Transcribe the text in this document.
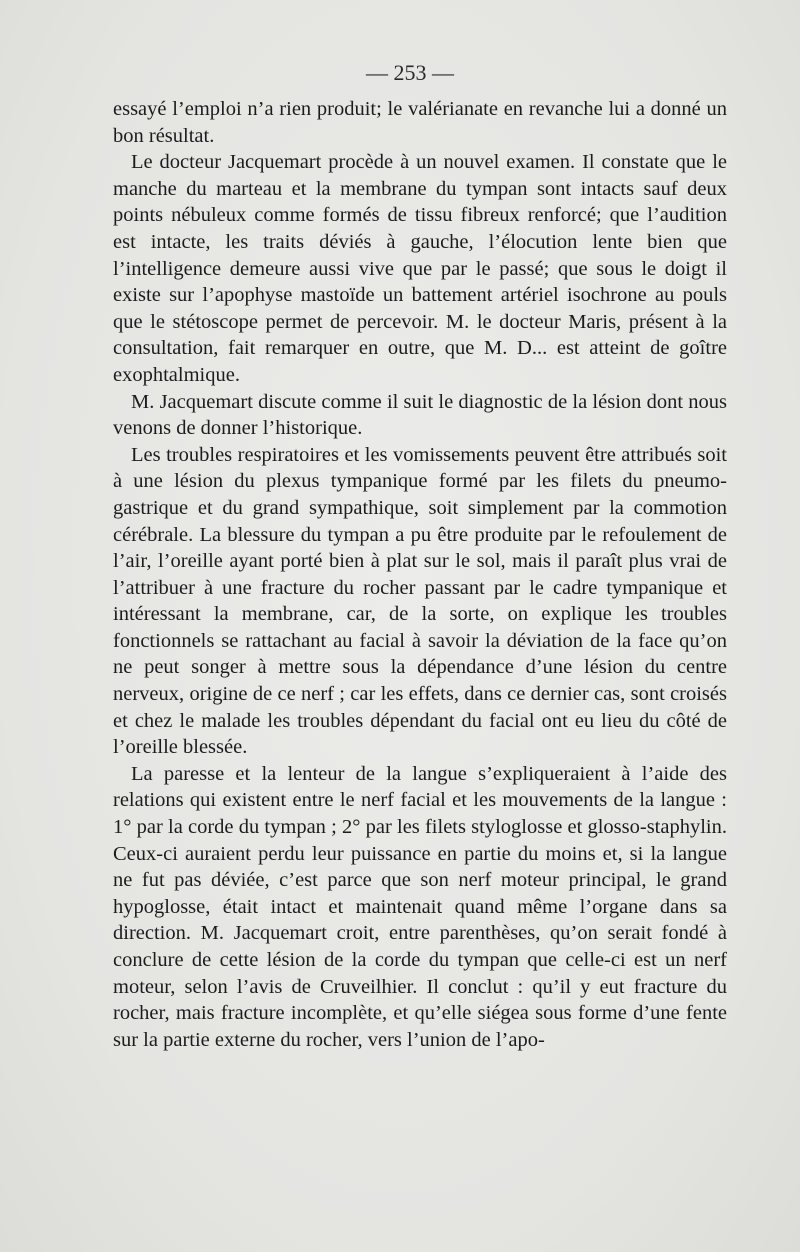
— 253 —

essayé l’emploi n’a rien produit; le valérianate en revanche lui a donné un bon résultat.

Le docteur Jacquemart procède à un nouvel examen. Il constate que le manche du marteau et la membrane du tympan sont intacts sauf deux points nébuleux comme formés de tissu fibreux renforcé; que l’audition est intacte, les traits déviés à gauche, l’élocution lente bien que l’intelligence demeure aussi vive que par le passé; que sous le doigt il existe sur l’apophyse mastoïde un battement artériel isochrone au pouls que le stétoscope permet de percevoir. M. le docteur Maris, présent à la consultation, fait remarquer en outre, que M. D... est atteint de goître exophtalmique.

M. Jacquemart discute comme il suit le diagnostic de la lésion dont nous venons de donner l’historique.

Les troubles respiratoires et les vomissements peuvent être attribués soit à une lésion du plexus tympanique formé par les filets du pneumo-gastrique et du grand sympathique, soit simplement par la commotion cérébrale. La blessure du tympan a pu être produite par le refoulement de l’air, l’oreille ayant porté bien à plat sur le sol, mais il paraît plus vrai de l’attribuer à une fracture du rocher passant par le cadre tympanique et intéressant la membrane, car, de la sorte, on explique les troubles fonctionnels se rattachant au facial à savoir la déviation de la face qu’on ne peut songer à mettre sous la dépendance d’une lésion du centre nerveux, origine de ce nerf ; car les effets, dans ce dernier cas, sont croisés et chez le malade les troubles dépendant du facial ont eu lieu du côté de l’oreille blessée.

La paresse et la lenteur de la langue s’expliqueraient à l’aide des relations qui existent entre le nerf facial et les mouvements de la langue : 1° par la corde du tympan ; 2° par les filets styloglosse et glosso-staphylin. Ceux-ci auraient perdu leur puissance en partie du moins et, si la langue ne fut pas déviée, c’est parce que son nerf moteur principal, le grand hypoglosse, était intact et maintenait quand même l’organe dans sa direction. M. Jacquemart croit, entre parenthèses, qu’on serait fondé à conclure de cette lésion de la corde du tympan que celle-ci est un nerf moteur, selon l’avis de Cruveilhier. Il conclut : qu’il y eut fracture du rocher, mais fracture incomplète, et qu’elle siégea sous forme d’une fente sur la partie externe du rocher, vers l’union de l’apo-
